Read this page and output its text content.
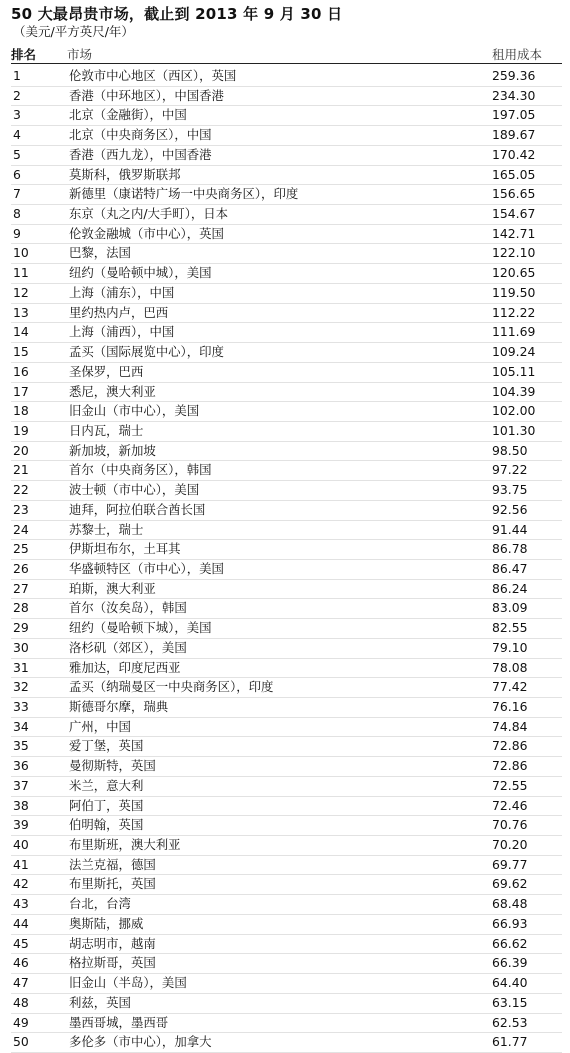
50 大最昂贵市场，截止到 2013 年 9 月 30 日
（美元/平方英尺/年）
排名	市场	租用成本
1	伦敦市中心地区（西区），英国	259.36
2	香港（中环地区），中国香港	234.30
3	北京（金融街），中国	197.05
4	北京（中央商务区），中国	189.67
5	香港（西九龙），中国香港	170.42
6	莫斯科，俄罗斯联邦	165.05
7	新德里（康诺特广场一中央商务区），印度	156.65
8	东京（丸之内/大手町），日本	154.67
9	伦敦金融城（市中心），英国	142.71
10	巴黎，法国	122.10
11	纽约（曼哈顿中城），美国	120.65
12	上海（浦东），中国	119.50
13	里约热内卢，巴西	112.22
14	上海（浦西），中国	111.69
15	孟买（国际展览中心），印度	109.24
16	圣保罗，巴西	105.11
17	悉尼，澳大利亚	104.39
18	旧金山（市中心），美国	102.00
19	日内瓦，瑞士	101.30
20	新加坡，新加坡	98.50
21	首尔（中央商务区），韩国	97.22
22	波士顿（市中心），美国	93.75
23	迪拜，阿拉伯联合酋长国	92.56
24	苏黎士，瑞士	91.44
25	伊斯坦布尔，土耳其	86.78
26	华盛顿特区（市中心），美国	86.47
27	珀斯，澳大利亚	86.24
28	首尔（汝矣岛），韩国	83.09
29	纽约（曼哈顿下城），美国	82.55
30	洛杉矶（郊区），美国	79.10
31	雅加达，印度尼西亚	78.08
32	孟买（纳瑞曼区一中央商务区），印度	77.42
33	斯德哥尔摩，瑞典	76.16
34	广州，中国	74.84
35	爱丁堡，英国	72.86
36	曼彻斯特，英国	72.86
37	米兰，意大利	72.55
38	阿伯丁，英国	72.46
39	伯明翰，英国	70.76
40	布里斯班，澳大利亚	70.20
41	法兰克福，德国	69.77
42	布里斯托，英国	69.62
43	台北，台湾	68.48
44	奥斯陆，挪威	66.93
45	胡志明市，越南	66.62
46	格拉斯哥，英国	66.39
47	旧金山（半岛），美国	64.40
48	利兹，英国	63.15
49	墨西哥城，墨西哥	62.53
50	多伦多（市中心），加拿大	61.77
